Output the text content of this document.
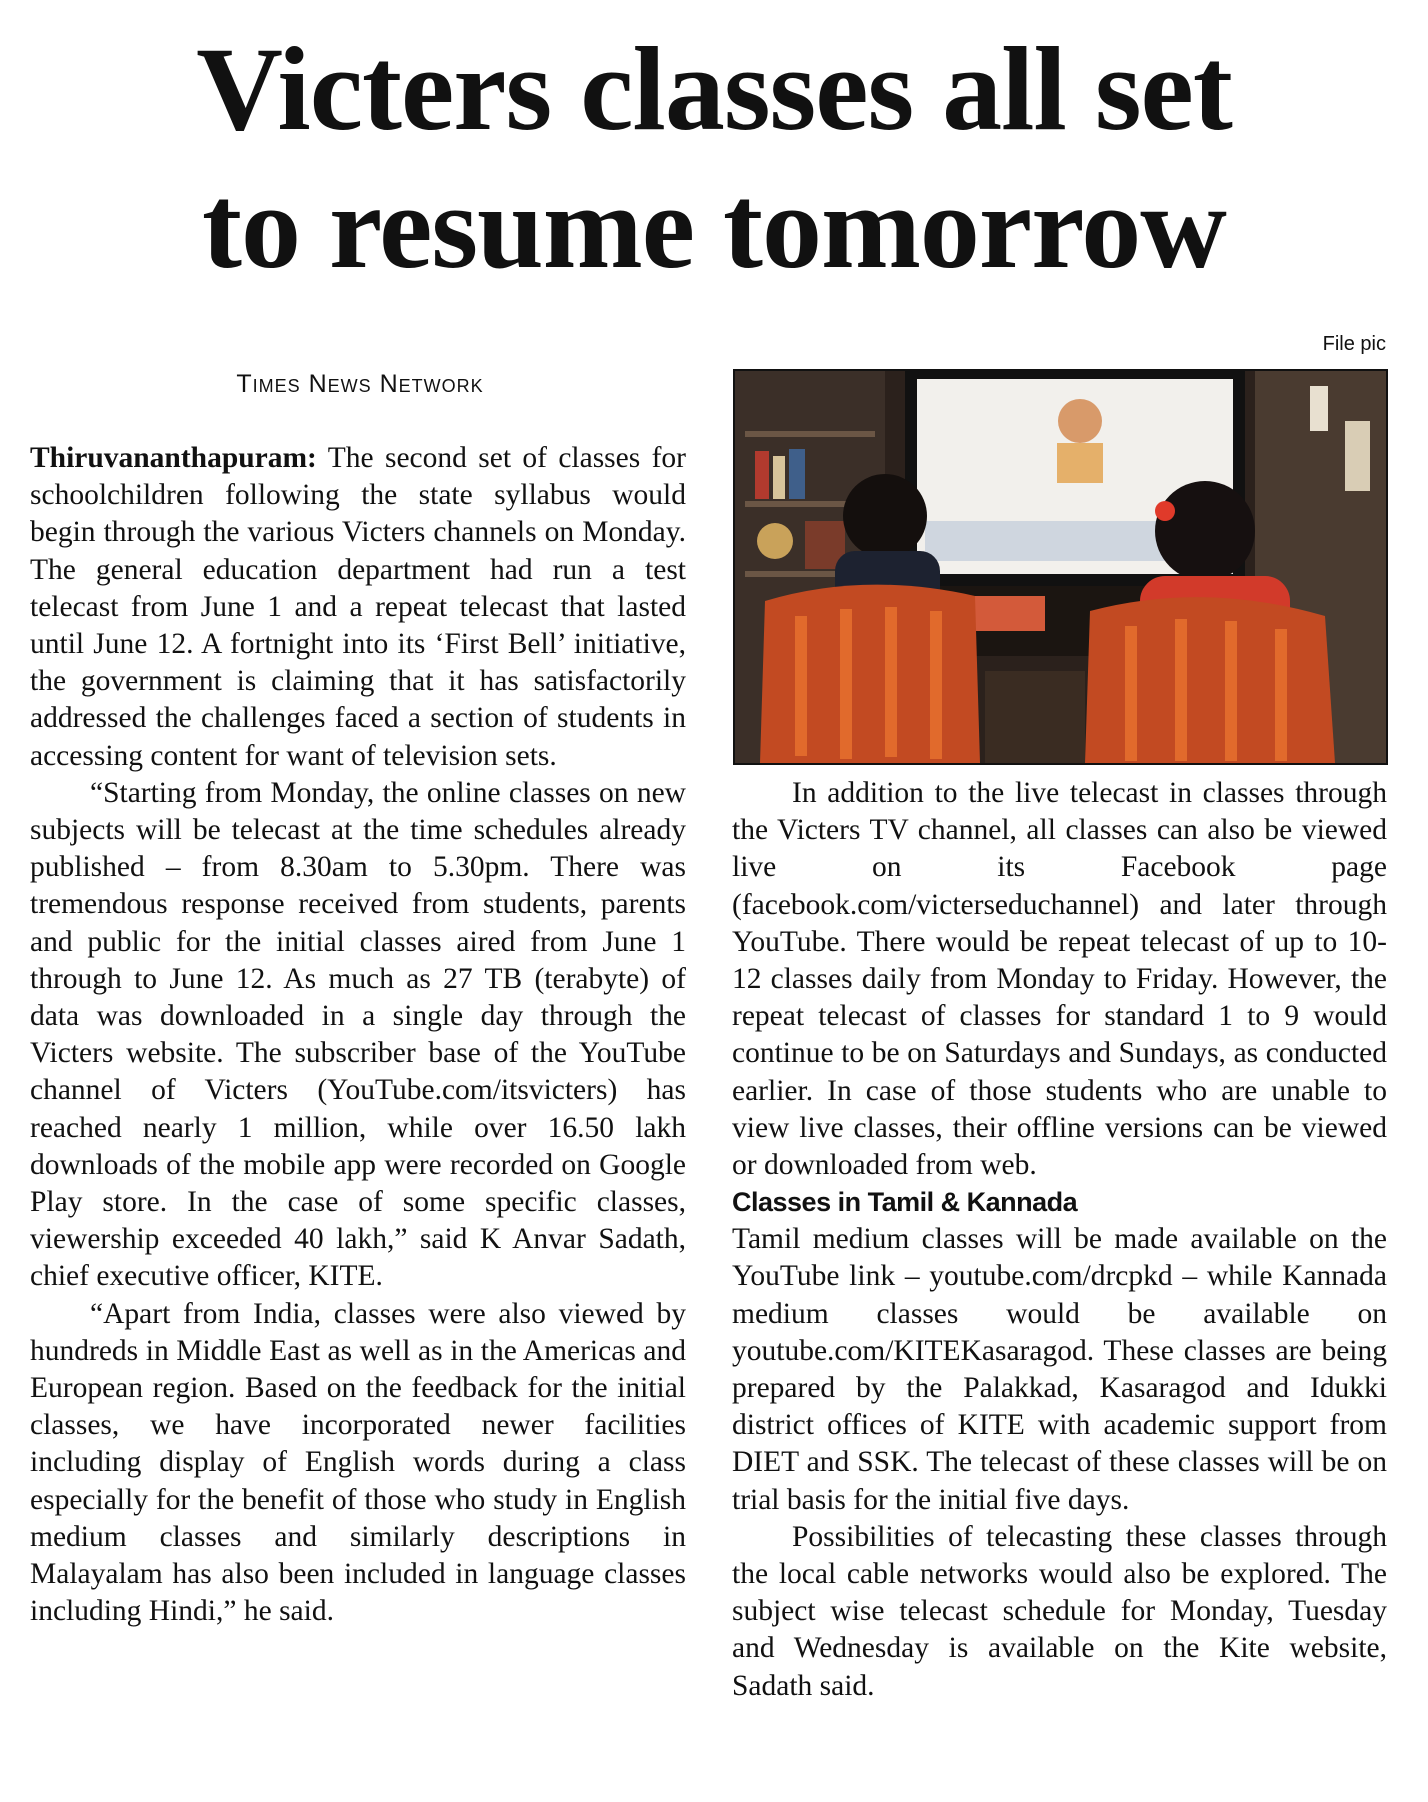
Victers classes all set
to resume tomorrow
File pic
Times News Network

Thiruvananthapuram: The second set of classes for schoolchildren following the state syllabus would begin through the various Victers channels on Monday. The general education department had run a test telecast from June 1 and a repeat telecast that lasted until June 12. A fortnight into its ‘First Bell’ initiative, the government is claiming that it has satisfactorily addressed the challenges faced a section of students in accessing content for want of television sets.

“Starting from Monday, the online classes on new subjects will be telecast at the time schedules already published – from 8.30am to 5.30pm. There was tremendous response received from students, parents and public for the initial classes aired from June 1 through to June 12. As much as 27 TB (terabyte) of data was downloaded in a single day through the Victers website. The subscriber base of the YouTube channel of Victers (YouTube.com/itsvicters) has reached nearly 1 million, while over 16.50 lakh downloads of the mobile app were recorded on Google Play store. In the case of some specific classes, viewership exceeded 40 lakh,” said K Anvar Sadath, chief executive officer, KITE.

“Apart from India, classes were also viewed by hundreds in Middle East as well as in the Americas and European region. Based on the feedback for the initial classes, we have incorporated newer facilities including display of English words during a class especially for the benefit of those who study in English medium classes and similarly descriptions in Malayalam has also been included in language classes including Hindi,” he said.

In addition to the live telecast in classes through the Victers TV channel, all classes can also be viewed live on its Facebook page (facebook.com/victerseduchannel) and later through YouTube. There would be repeat telecast of up to 10-12 classes daily from Monday to Friday. However, the repeat telecast of classes for standard 1 to 9 would continue to be on Saturdays and Sundays, as conducted earlier. In case of those students who are unable to view live classes, their offline versions can be viewed or downloaded from web.

Classes in Tamil & Kannada

Tamil medium classes will be made available on the YouTube link – youtube.com/drcpkd – while Kannada medium classes would be available on youtube.com/KITEKasaragod. These classes are being prepared by the Palakkad, Kasaragod and Idukki district offices of KITE with academic support from DIET and SSK. The telecast of these classes will be on trial basis for the initial five days.

Possibilities of telecasting these classes through the local cable networks would also be explored. The subject wise telecast schedule for Monday, Tuesday and Wednesday is available on the Kite website, Sadath said.
